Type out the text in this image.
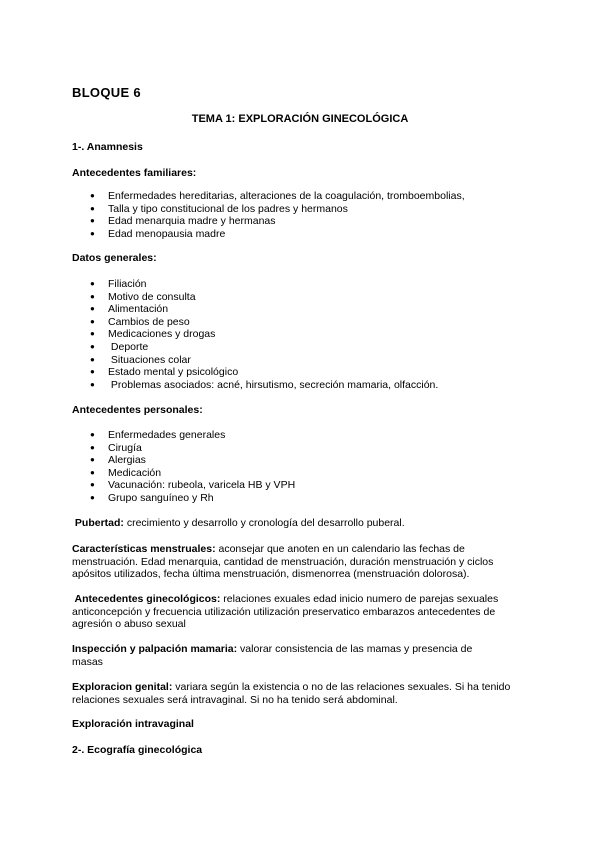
BLOQUE 6
TEMA 1: EXPLORACIÓN GINECOLÓGICA
1-. Anamnesis
Antecedentes familiares:
● Enfermedades hereditarias, alteraciones de la coagulación, tromboembolias,
● Talla y tipo constitucional de los padres y hermanos
● Edad menarquia madre y hermanas
● Edad menopausia madre
Datos generales:
● Filiación
● Motivo de consulta
● Alimentación
● Cambios de peso
● Medicaciones y drogas
● Deporte
● Situaciones colar
● Estado mental y psicológico
● Problemas asociados: acné, hirsutismo, secreción mamaria, olfacción.
Antecedentes personales:
● Enfermedades generales
● Cirugía
● Alergias
● Medicación
● Vacunación: rubeola, varicela HB y VPH
● Grupo sanguíneo y Rh
Pubertad: crecimiento y desarrollo y cronología del desarrollo puberal.
Características menstruales: aconsejar que anoten en un calendario las fechas de menstruación. Edad menarquia, cantidad de menstruación, duración menstruación y ciclos apósitos utilizados, fecha última menstruación, dismenorrea (menstruación dolorosa).
Antecedentes ginecológicos: relaciones exuales edad inicio numero de parejas sexuales anticoncepción y frecuencia utilización utilización preservatico embarazos antecedentes de agresión o abuso sexual
Inspección y palpación mamaria: valorar consistencia de las mamas y presencia de masas
Exploracion genital: variara según la existencia o no de las relaciones sexuales. Si ha tenido relaciones sexuales será intravaginal. Si no ha tenido será abdominal.
Exploración intravaginal
2-. Ecografía ginecológica
